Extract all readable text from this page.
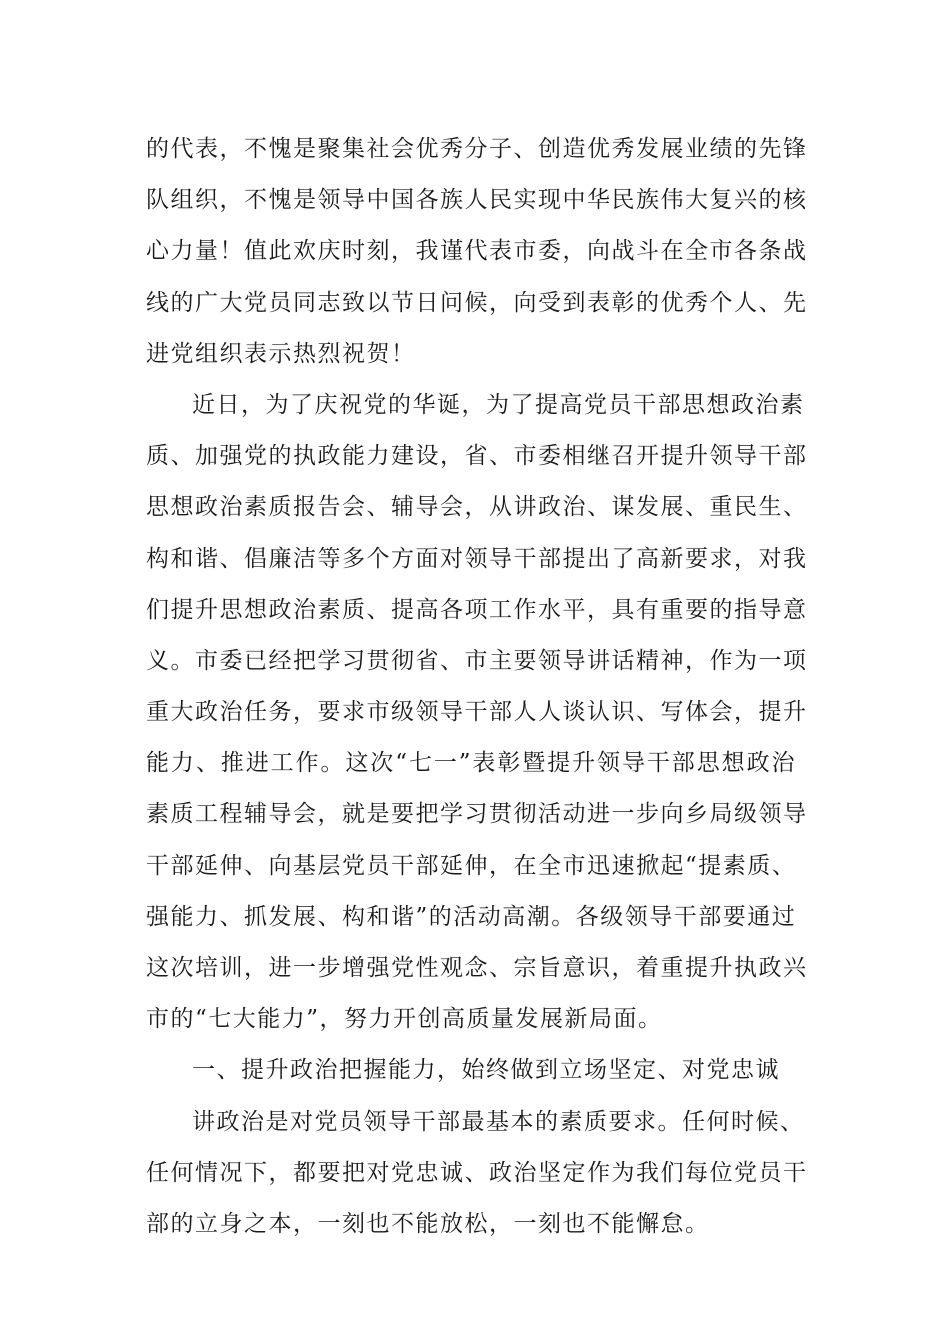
的代表，不愧是聚集社会优秀分子、创造优秀发展业绩的先锋
队组织，不愧是领导中国各族人民实现中华民族伟大复兴的核
心力量！值此欢庆时刻，我谨代表市委，向战斗在全市各条战
线的广大党员同志致以节日问候，向受到表彰的优秀个人、先
进党组织表示热烈祝贺！
近日，为了庆祝党的华诞，为了提高党员干部思想政治素
质、加强党的执政能力建设，省、市委相继召开提升领导干部
思想政治素质报告会、辅导会，从讲政治、谋发展、重民生、
构和谐、倡廉洁等多个方面对领导干部提出了高新要求，对我
们提升思想政治素质、提高各项工作水平，具有重要的指导意
义。市委已经把学习贯彻省、市主要领导讲话精神，作为一项
重大政治任务，要求市级领导干部人人谈认识、写体会，提升
能力、推进工作。这次“七一”表彰暨提升领导干部思想政治
素质工程辅导会，就是要把学习贯彻活动进一步向乡局级领导
干部延伸、向基层党员干部延伸，在全市迅速掀起“提素质、
强能力、抓发展、构和谐”的活动高潮。各级领导干部要通过
这次培训，进一步增强党性观念、宗旨意识，着重提升执政兴
市的“七大能力”，努力开创高质量发展新局面。
一、提升政治把握能力，始终做到立场坚定、对党忠诚
讲政治是对党员领导干部最基本的素质要求。任何时候、
任何情况下，都要把对党忠诚、政治坚定作为我们每位党员干
部的立身之本，一刻也不能放松，一刻也不能懈怠。
